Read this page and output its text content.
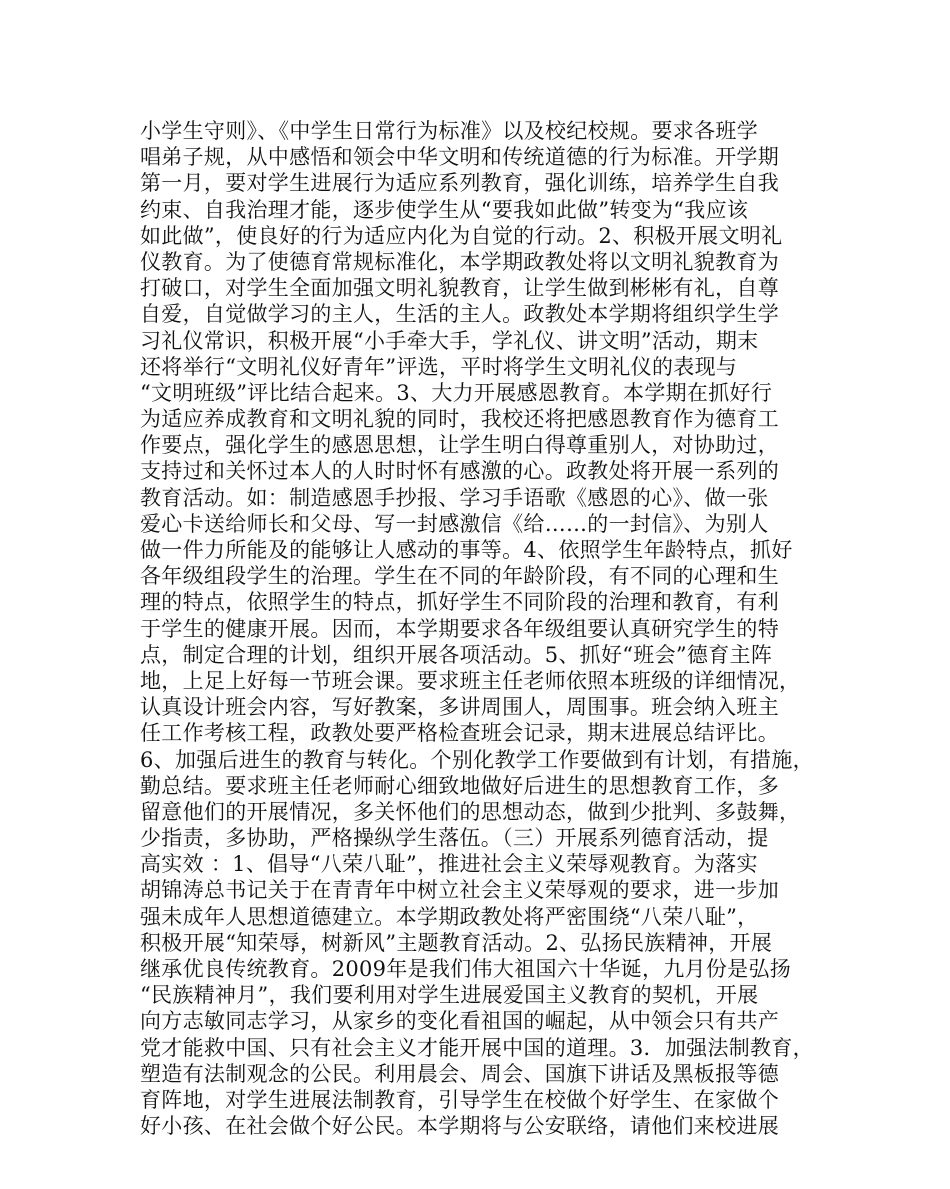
小学生守则》、《中学生日常行为标准》以及校纪校规。要求各班学
唱弟子规，从中感悟和领会中华文明和传统道德的行为标准。开学期
第一月，要对学生进展行为适应系列教育，强化训练，培养学生自我
约束、自我治理才能，逐步使学生从“要我如此做”转变为“我应该
如此做”，使良好的行为适应内化为自觉的行动。2、积极开展文明礼
仪教育。为了使德育常规标准化，本学期政教处将以文明礼貌教育为
打破口，对学生全面加强文明礼貌教育，让学生做到彬彬有礼，自尊
自爱，自觉做学习的主人，生活的主人。政教处本学期将组织学生学
习礼仪常识，积极开展“小手牵大手，学礼仪、讲文明”活动，期末
还将举行“文明礼仪好青年”评选，平时将学生文明礼仪的表现与
“文明班级”评比结合起来。3、大力开展感恩教育。本学期在抓好行
为适应养成教育和文明礼貌的同时，我校还将把感恩教育作为德育工
作要点，强化学生的感恩思想，让学生明白得尊重别人，对协助过，
支持过和关怀过本人的人时时怀有感激的心。政教处将开展一系列的
教育活动。如：制造感恩手抄报、学习手语歌《感恩的心》、做一张
爱心卡送给师长和父母、写一封感激信《给……的一封信》、为别人
做一件力所能及的能够让人感动的事等。4、依照学生年龄特点，抓好
各年级组段学生的治理。学生在不同的年龄阶段，有不同的心理和生
理的特点，依照学生的特点，抓好学生不同阶段的治理和教育，有利
于学生的健康开展。因而，本学期要求各年级组要认真研究学生的特
点，制定合理的计划，组织开展各项活动。5、抓好“班会”德育主阵
地，上足上好每一节班会课。要求班主任老师依照本班级的详细情况，
认真设计班会内容，写好教案，多讲周围人，周围事。班会纳入班主
任工作考核工程，政教处要严格检查班会记录，期末进展总结评比。
6、加强后进生的教育与转化。个别化教学工作要做到有计划，有措施，
勤总结。要求班主任老师耐心细致地做好后进生的思想教育工作，多
留意他们的开展情况，多关怀他们的思想动态，做到少批判、多鼓舞，
少指责，多协助，严格操纵学生落伍。（三）开展系列德育活动，提
高实效 ：1、倡导“八荣八耻”，推进社会主义荣辱观教育。为落实
胡锦涛总书记关于在青青年中树立社会主义荣辱观的要求，进一步加
强未成年人思想道德建立。本学期政教处将严密围绕“八荣八耻”，
积极开展“知荣辱，树新风”主题教育活动。2、弘扬民族精神，开展
继承优良传统教育。2009年是我们伟大祖国六十华诞，九月份是弘扬
“民族精神月”，我们要利用对学生进展爱国主义教育的契机，开展
向方志敏同志学习，从家乡的变化看祖国的崛起，从中领会只有共产
党才能救中国、只有社会主义才能开展中国的道理。3．加强法制教育，
塑造有法制观念的公民。利用晨会、周会、国旗下讲话及黑板报等德
育阵地，对学生进展法制教育，引导学生在校做个好学生、在家做个
好小孩、在社会做个好公民。本学期将与公安联络，请他们来校进展
